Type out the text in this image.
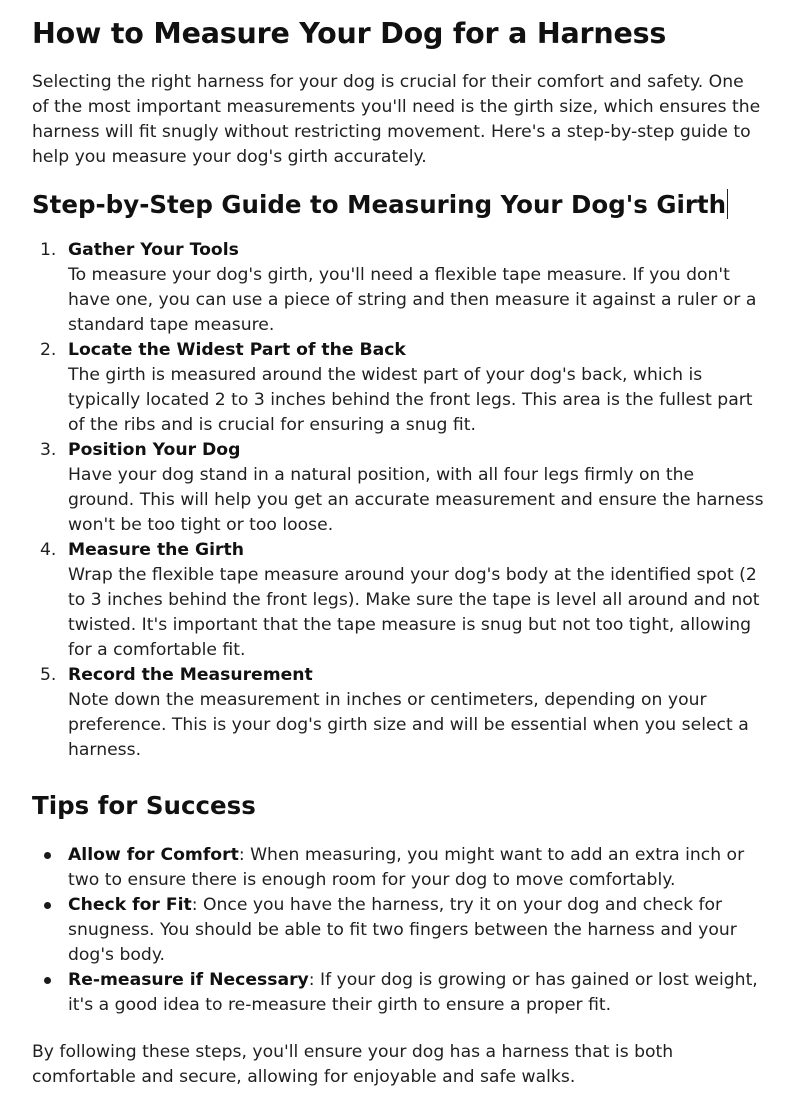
How to Measure Your Dog for a Harness

Selecting the right harness for your dog is crucial for their comfort and safety. One of the most important measurements you'll need is the girth size, which ensures the harness will fit snugly without restricting movement. Here's a step-by-step guide to help you measure your dog's girth accurately.

Step-by-Step Guide to Measuring Your Dog's Girth
1. Gather Your Tools
To measure your dog's girth, you'll need a flexible tape measure. If you don't have one, you can use a piece of string and then measure it against a ruler or a standard tape measure.
2. Locate the Widest Part of the Back
The girth is measured around the widest part of your dog's back, which is typically located 2 to 3 inches behind the front legs. This area is the fullest part of the ribs and is crucial for ensuring a snug fit.
3. Position Your Dog
Have your dog stand in a natural position, with all four legs firmly on the ground. This will help you get an accurate measurement and ensure the harness won't be too tight or too loose.
4. Measure the Girth
Wrap the flexible tape measure around your dog's body at the identified spot (2 to 3 inches behind the front legs). Make sure the tape is level all around and not twisted. It's important that the tape measure is snug but not too tight, allowing for a comfortable fit.
5. Record the Measurement
Note down the measurement in inches or centimeters, depending on your preference. This is your dog's girth size and will be essential when you select a harness.
Tips for Success
Allow for Comfort: When measuring, you might want to add an extra inch or two to ensure there is enough room for your dog to move comfortably.
Check for Fit: Once you have the harness, try it on your dog and check for snugness. You should be able to fit two fingers between the harness and your dog's body.
Re-measure if Necessary: If your dog is growing or has gained or lost weight, it's a good idea to re-measure their girth to ensure a proper fit.

By following these steps, you'll ensure your dog has a harness that is both comfortable and secure, allowing for enjoyable and safe walks.
